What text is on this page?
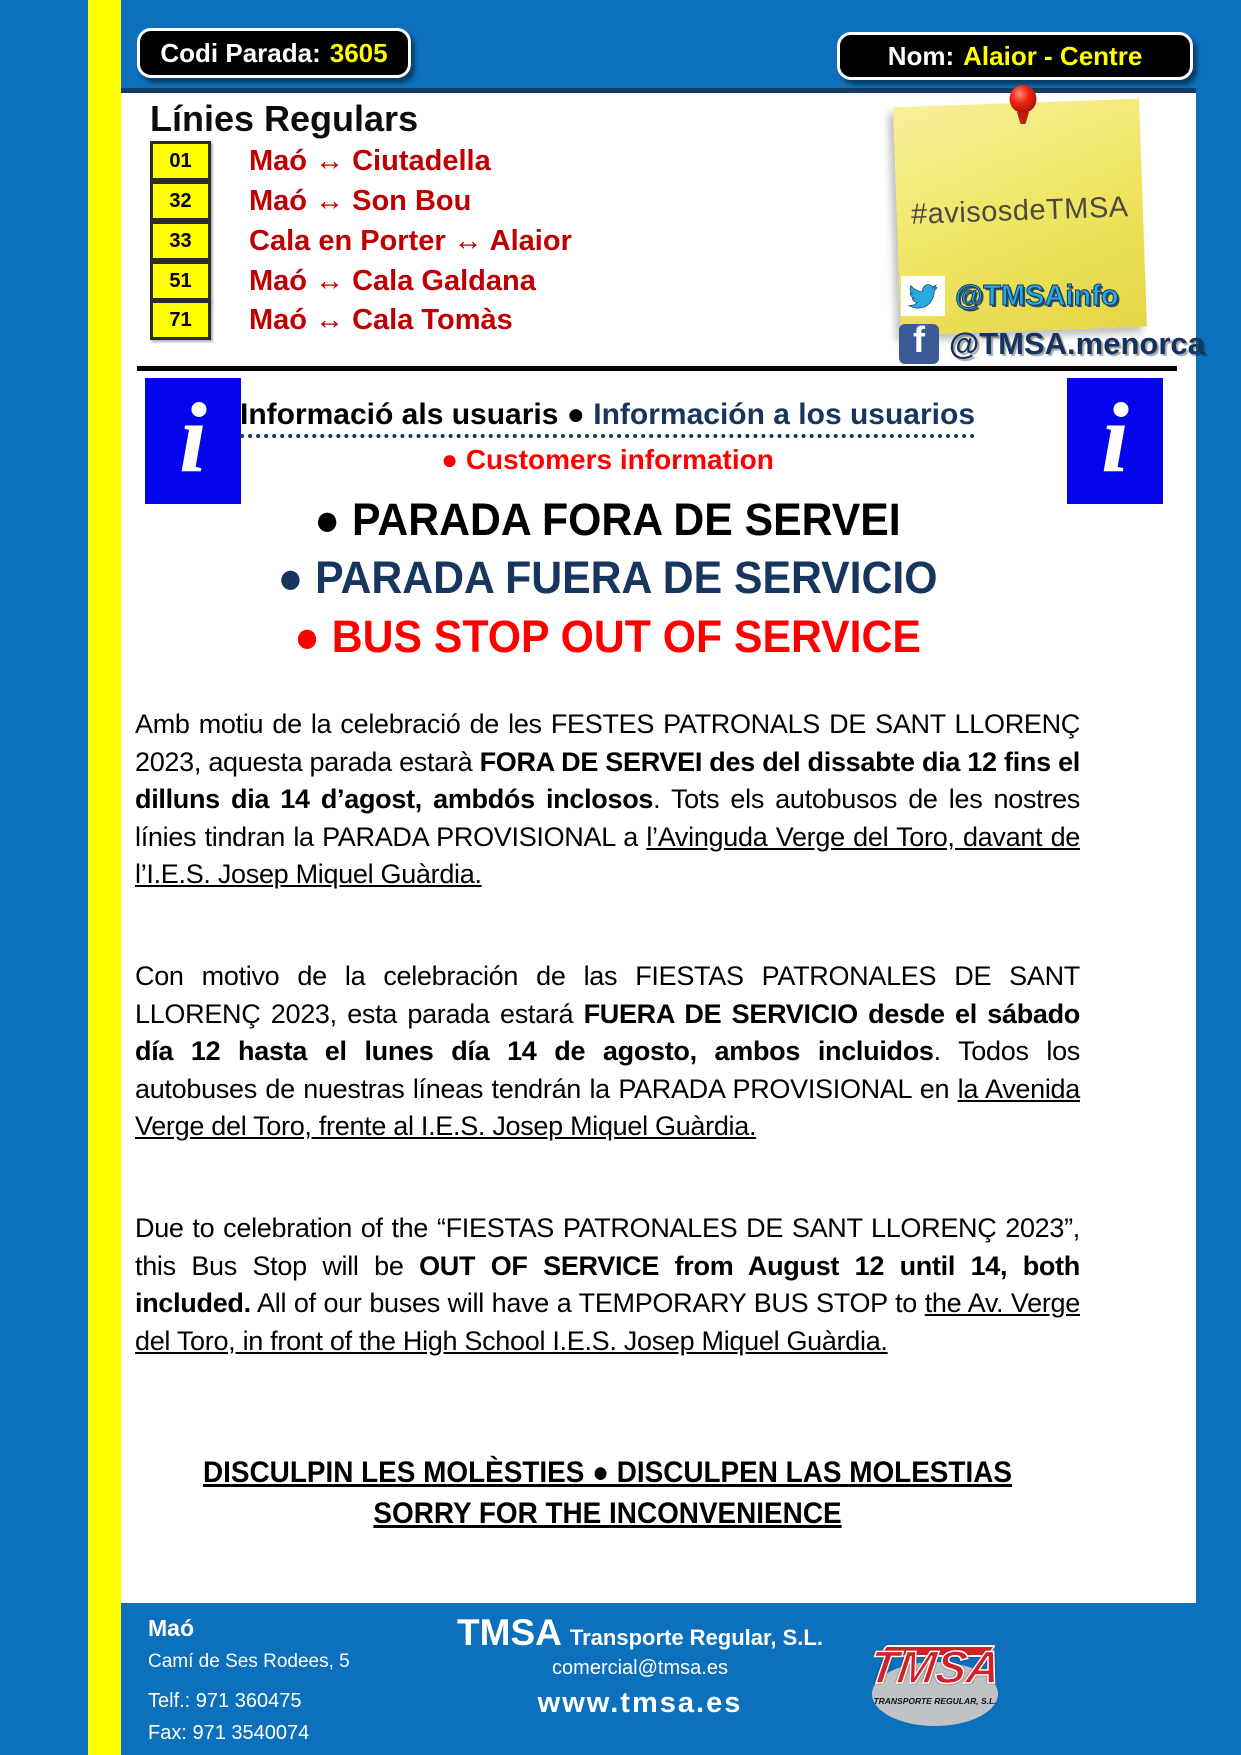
Codi Parada: 3605	Nom: Alaior - Centre
Línies Regulars
01	Maó ↔ Ciutadella
32	Maó ↔ Son Bou
33	Cala en Porter ↔ Alaior
51	Maó ↔ Cala Galdana
71	Maó ↔ Cala Tomàs
#avisosdeTMSA
@TMSAinfo
f @TMSA.menorca
i	i
Informació als usuaris ● Información a los usuarios
● Customers information
● PARADA FORA DE SERVEI
● PARADA FUERA DE SERVICIO
● BUS STOP OUT OF SERVICE
Amb motiu de la celebració de les FESTES PATRONALS DE SANT LLORENÇ 2023, aquesta parada estarà FORA DE SERVEI des del dissabte dia 12 fins el dilluns dia 14 d’agost, ambdós inclosos. Tots els autobusos de les nostres línies tindran la PARADA PROVISIONAL a l’Avinguda Verge del Toro, davant de l’I.E.S. Josep Miquel Guàrdia.
Con motivo de la celebración de las FIESTAS PATRONALES DE SANT LLORENÇ 2023, esta parada estará FUERA DE SERVICIO desde el sábado día 12 hasta el lunes día 14 de agosto, ambos incluidos. Todos los autobuses de nuestras líneas tendrán la PARADA PROVISIONAL en la Avenida Verge del Toro, frente al I.E.S. Josep Miquel Guàrdia.
Due to celebration of the “FIESTAS PATRONALES DE SANT LLORENÇ 2023”, this Bus Stop will be OUT OF SERVICE from August 12 until 14, both included. All of our buses will have a TEMPORARY BUS STOP to the Av. Verge del Toro, in front of the High School I.E.S. Josep Miquel Guàrdia.
DISCULPIN LES MOLÈSTIES ● DISCULPEN LAS MOLESTIAS
SORRY FOR THE INCONVENIENCE
Maó
Camí de Ses Rodees, 5
Telf.: 971 360475
Fax: 971 3540074
TMSA Transporte Regular, S.L.
comercial@tmsa.es
www.tmsa.es
TMSA
TRANSPORTE REGULAR, S.L.
